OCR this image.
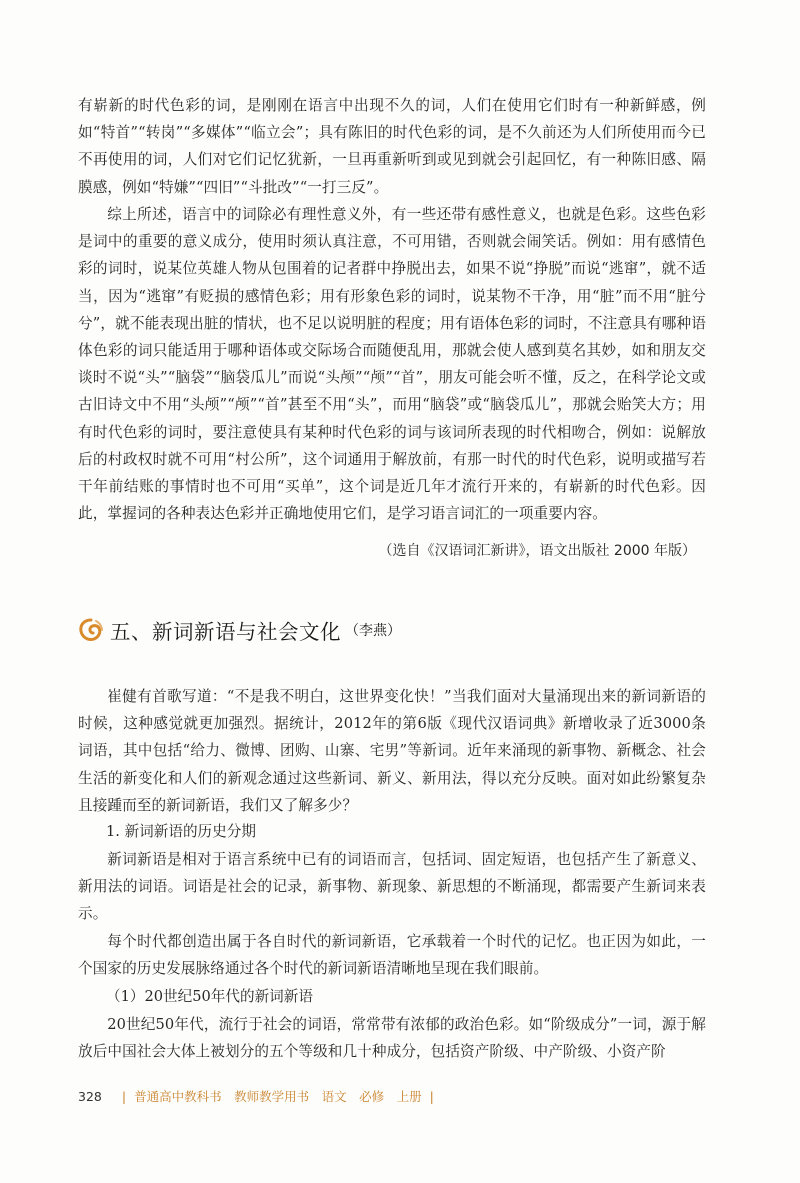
有崭新的时代色彩的词，是刚刚在语言中出现不久的词，人们在使用它们时有一种新鲜感，例如“特首”“转岗”“多媒体”“临立会”；具有陈旧的时代色彩的词，是不久前还为人们所使用而今已不再使用的词，人们对它们记忆犹新，一旦再重新听到或见到就会引起回忆，有一种陈旧感、隔膜感，例如“特嫌”“四旧”“斗批改”“一打三反”。

综上所述，语言中的词除必有理性意义外，有一些还带有感性意义，也就是色彩。这些色彩是词中的重要的意义成分，使用时须认真注意，不可用错，否则就会闹笑话。例如：用有感情色彩的词时，说某位英雄人物从包围着的记者群中挣脱出去，如果不说“挣脱”而说“逃窜”，就不适当，因为“逃窜”有贬损的感情色彩；用有形象色彩的词时，说某物不干净，用“脏”而不用“脏兮兮”，就不能表现出脏的情状，也不足以说明脏的程度；用有语体色彩的词时，不注意具有哪种语体色彩的词只能适用于哪种语体或交际场合而随便乱用，那就会使人感到莫名其妙，如和朋友交谈时不说“头”“脑袋”“脑袋瓜儿”而说“头颅”“颅”“首”，朋友可能会听不懂，反之，在科学论文或古旧诗文中不用“头颅”“颅”“首”甚至不用“头”，而用“脑袋”或“脑袋瓜儿”，那就会贻笑大方；用有时代色彩的词时，要注意使具有某种时代色彩的词与该词所表现的时代相吻合，例如：说解放后的村政权时就不可用“村公所”，这个词通用于解放前，有那一时代的时代色彩，说明或描写若干年前结账的事情时也不可用“买单”，这个词是近几年才流行开来的，有崭新的时代色彩。因此，掌握词的各种表达色彩并正确地使用它们，是学习语言词汇的一项重要内容。

（选自《汉语词汇新讲》，语文出版社 2000 年版）
五、新词新语与社会文化 （李燕）

崔健有首歌写道：“不是我不明白，这世界变化快！”当我们面对大量涌现出来的新词新语的时候，这种感觉就更加强烈。据统计，2012年的第6版《现代汉语词典》新增收录了近3000条词语，其中包括“给力、微博、团购、山寨、宅男”等新词。近年来涌现的新事物、新概念、社会生活的新变化和人们的新观念通过这些新词、新义、新用法，得以充分反映。面对如此纷繁复杂且接踵而至的新词新语，我们又了解多少？

1. 新词新语的历史分期

新词新语是相对于语言系统中已有的词语而言，包括词、固定短语，也包括产生了新意义、新用法的词语。词语是社会的记录，新事物、新现象、新思想的不断涌现，都需要产生新词来表示。

每个时代都创造出属于各自时代的新词新语，它承载着一个时代的记忆。也正因为如此，一个国家的历史发展脉络通过各个时代的新词新语清晰地呈现在我们眼前。

（1）20世纪50年代的新词新语

20世纪50年代，流行于社会的词语，常常带有浓郁的政治色彩。如“阶级成分”一词，源于解放后中国社会大体上被划分的五个等级和几十种成分，包括资产阶级、中产阶级、小资产阶

328 | 普通高中教科书　教师教学用书　语文　必修　上册 |
